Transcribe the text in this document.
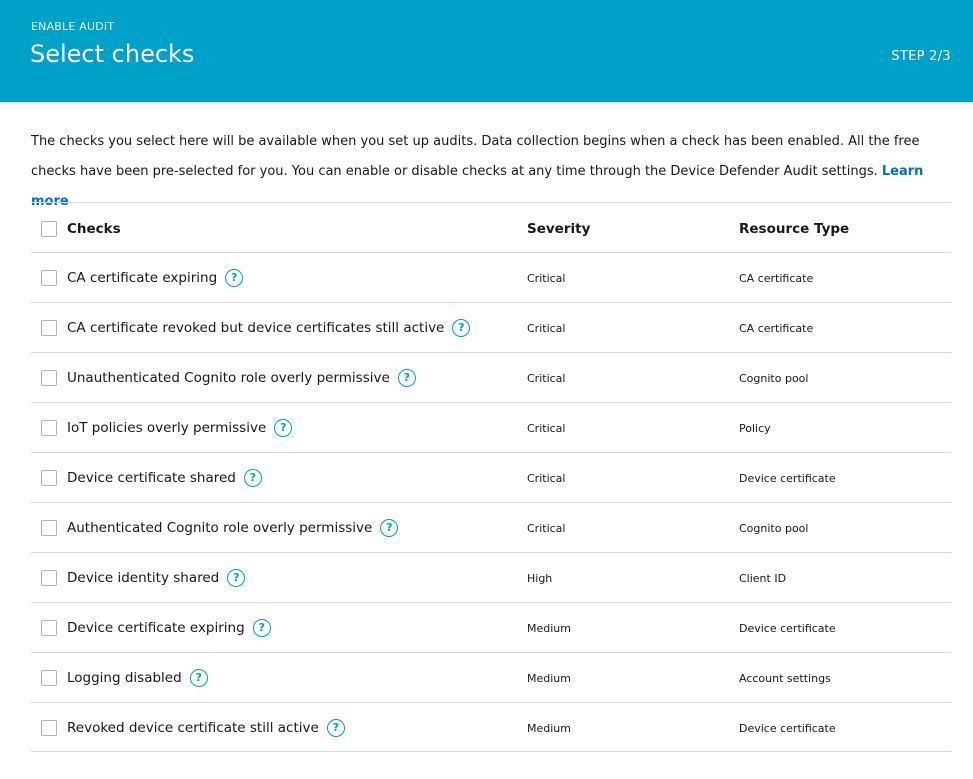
ENABLE AUDIT
Select checks	STEP 2/3
The checks you select here will be available when you set up audits. Data collection begins when a check has been enabled. All the free checks have been pre-selected for you. You can enable or disable checks at any time through the Device Defender Audit settings. Learn more
Checks	Severity	Resource Type
CA certificate expiring	?	Critical	CA certificate
CA certificate revoked but device certificates still active	?	Critical	CA certificate
Unauthenticated Cognito role overly permissive	?	Critical	Cognito pool
IoT policies overly permissive	?	Critical	Policy
Device certificate shared	?	Critical	Device certificate
Authenticated Cognito role overly permissive	?	Critical	Cognito pool
Device identity shared	?	High	Client ID
Device certificate expiring	?	Medium	Device certificate
Logging disabled	?	Medium	Account settings
Revoked device certificate still active	?	Medium	Device certificate
